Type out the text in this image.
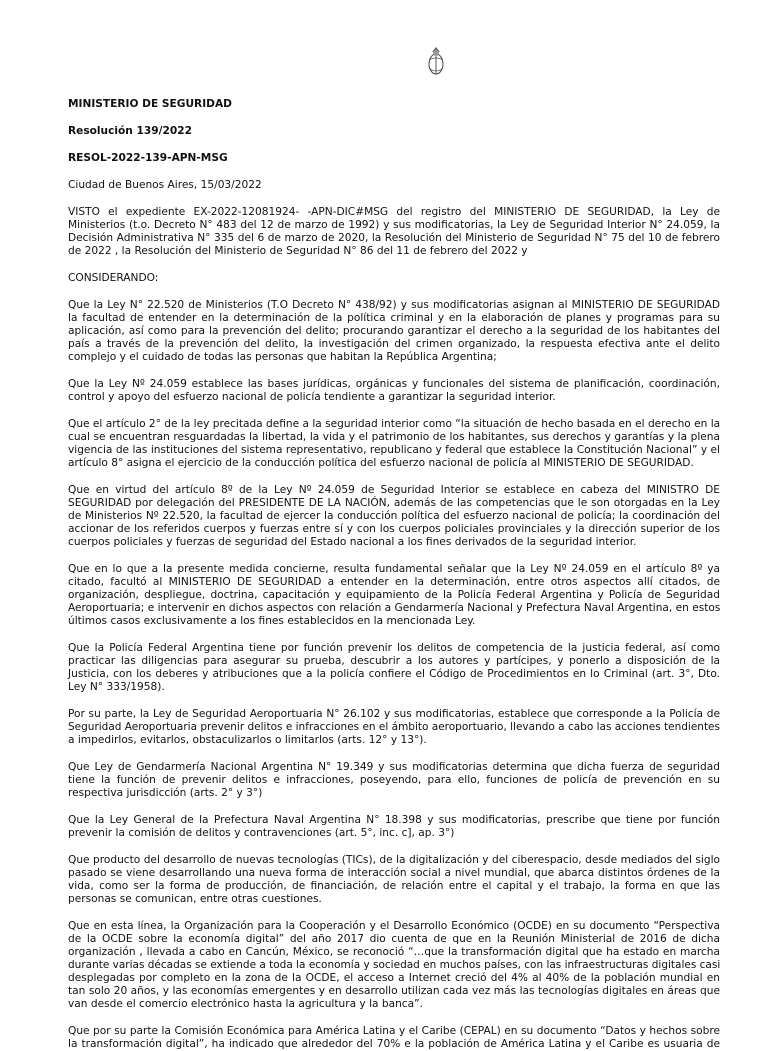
MINISTERIO DE SEGURIDAD
Resolución 139/2022
RESOL-2022-139-APN-MSG
Ciudad de Buenos Aires, 15/03/2022
VISTO el expediente EX-2022-12081924- -APN-DIC#MSG del registro del MINISTERIO DE SEGURIDAD, la Ley de
Ministerios (t.o. Decreto N° 483 del 12 de marzo de 1992) y sus modificatorias, la Ley de Seguridad Interior N° 24.059, la
Decisión Administrativa N° 335 del 6 de marzo de 2020, la Resolución del Ministerio de Seguridad N° 75 del 10 de febrero
de 2022 , la Resolución del Ministerio de Seguridad N° 86 del 11 de febrero del 2022 y
CONSIDERANDO:
Que la Ley N° 22.520 de Ministerios (T.O Decreto N° 438/92) y sus modificatorias asignan al MINISTERIO DE SEGURIDAD
la facultad de entender en la determinación de la política criminal y en la elaboración de planes y programas para su
aplicación, así como para la prevención del delito; procurando garantizar el derecho a la seguridad de los habitantes del
país a través de la prevención del delito, la investigación del crimen organizado, la respuesta efectiva ante el delito
complejo y el cuidado de todas las personas que habitan la República Argentina;
Que la Ley Nº 24.059 establece las bases jurídicas, orgánicas y funcionales del sistema de planificación, coordinación,
control y apoyo del esfuerzo nacional de policía tendiente a garantizar la seguridad interior.
Que el artículo 2° de la ley precitada define a la seguridad interior como “la situación de hecho basada en el derecho en la
cual se encuentran resguardadas la libertad, la vida y el patrimonio de los habitantes, sus derechos y garantías y la plena
vigencia de las instituciones del sistema representativo, republicano y federal que establece la Constitución Nacional” y el
artículo 8° asigna el ejercicio de la conducción política del esfuerzo nacional de policía al MINISTERIO DE SEGURIDAD.
Que en virtud del artículo 8º de la Ley Nº 24.059 de Seguridad Interior se establece en cabeza del MINISTRO DE
SEGURIDAD por delegación del PRESIDENTE DE LA NACIÓN, además de las competencias que le son otorgadas en la Ley
de Ministerios Nº 22.520, la facultad de ejercer la conducción política del esfuerzo nacional de policía; la coordinación del
accionar de los referidos cuerpos y fuerzas entre sí y con los cuerpos policiales provinciales y la dirección superior de los
cuerpos policiales y fuerzas de seguridad del Estado nacional a los fines derivados de la seguridad interior.
Que en lo que a la presente medida concierne, resulta fundamental señalar que la Ley Nº 24.059 en el artículo 8º ya
citado, facultó al MINISTERIO DE SEGURIDAD a entender en la determinación, entre otros aspectos allí citados, de
organización, despliegue, doctrina, capacitación y equipamiento de la Policía Federal Argentina y Policía de Seguridad
Aeroportuaria; e intervenir en dichos aspectos con relación a Gendarmería Nacional y Prefectura Naval Argentina, en estos
últimos casos exclusivamente a los fines establecidos en la mencionada Ley.
Que la Policía Federal Argentina tiene por función prevenir los delitos de competencia de la justicia federal, así como
practicar las diligencias para asegurar su prueba, descubrir a los autores y partícipes, y ponerlo a disposición de la
Justicia, con los deberes y atribuciones que a la policía confiere el Código de Procedimientos en lo Criminal (art. 3°, Dto.
Ley N° 333/1958).
Por su parte, la Ley de Seguridad Aeroportuaria N° 26.102 y sus modificatorias, establece que corresponde a la Policía de
Seguridad Aeroportuaria prevenir delitos e infracciones en el ámbito aeroportuario, llevando a cabo las acciones tendientes
a impedirlos, evitarlos, obstaculizarlos o limitarlos (arts. 12° y 13°).
Que Ley de Gendarmería Nacional Argentina N° 19.349 y sus modificatorias determina que dicha fuerza de seguridad
tiene la función de prevenir delitos e infracciones, poseyendo, para ello, funciones de policía de prevención en su
respectiva jurisdicción (arts. 2° y 3°)
Que la Ley General de la Prefectura Naval Argentina N° 18.398 y sus modificatorias, prescribe que tiene por función
prevenir la comisión de delitos y contravenciones (art. 5°, inc. c], ap. 3°)
Que producto del desarrollo de nuevas tecnologías (TICs), de la digitalización y del ciberespacio, desde mediados del siglo
pasado se viene desarrollando una nueva forma de interacción social a nivel mundial, que abarca distintos órdenes de la
vida, como ser la forma de producción, de financiación, de relación entre el capital y el trabajo, la forma en que las
personas se comunican, entre otras cuestiones.
Que en esta línea, la Organización para la Cooperación y el Desarrollo Económico (OCDE) en su documento “Perspectiva
de la OCDE sobre la economía digital” del año 2017 dio cuenta de que en la Reunión Ministerial de 2016 de dicha
organización , llevada a cabo en Cancún, México, se reconoció “…que la transformación digital que ha estado en marcha
durante varias décadas se extiende a toda la economía y sociedad en muchos países, con las infraestructuras digitales casi
desplegadas por completo en la zona de la OCDE, el acceso a Internet creció del 4% al 40% de la población mundial en
tan solo 20 años, y las economías emergentes y en desarrollo utilizan cada vez más las tecnologías digitales en áreas que
van desde el comercio electrónico hasta la agricultura y la banca”.
Que por su parte la Comisión Económica para América Latina y el Caribe (CEPAL) en su documento “Datos y hechos sobre
la transformación digital”, ha indicado que alrededor del 70% e la población de América Latina y el Caribe es usuaria de
